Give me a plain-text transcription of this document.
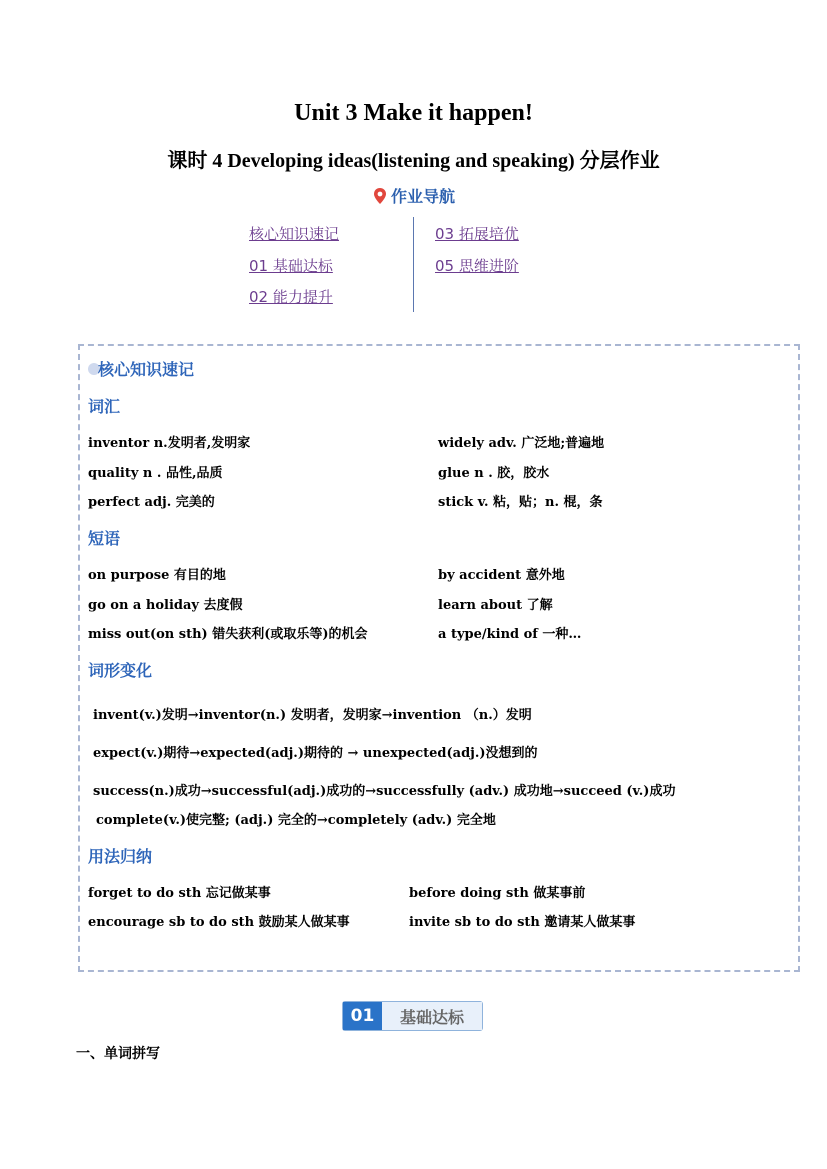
Unit 3 Make it happen!
课时 4 Developing ideas(listening and speaking) 分层作业
作业导航
核心知识速记
01 基础达标
02 能力提升
03 拓展培优
05 思维进阶
核心知识速记
词汇
inventor n.发明者,发明家
quality n . 品性,品质
perfect adj. 完美的
widely adv. 广泛地;普遍地
glue n . 胶，胶水
stick v. 粘，贴；n. 棍，条
短语
on purpose 有目的地
go on a holiday 去度假
miss out(on sth) 错失获利(或取乐等)的机会
by accident 意外地
learn about 了解
a type/kind of 一种…
词形变化
invent(v.)发明→inventor(n.) 发明者，发明家→invention （n.）发明
expect(v.)期待→expected(adj.)期待的 → unexpected(adj.)没想到的
success(n.)成功→successful(adj.)成功的→successfully (adv.) 成功地→succeed (v.)成功
complete(v.)使完整; (adj.) 完全的→completely (adv.) 完全地
用法归纳
forget to do sth 忘记做某事
encourage sb to do sth 鼓励某人做某事
before doing sth 做某事前
invite sb to do sth 邀请某人做某事
01	基础达标
一、单词拼写
